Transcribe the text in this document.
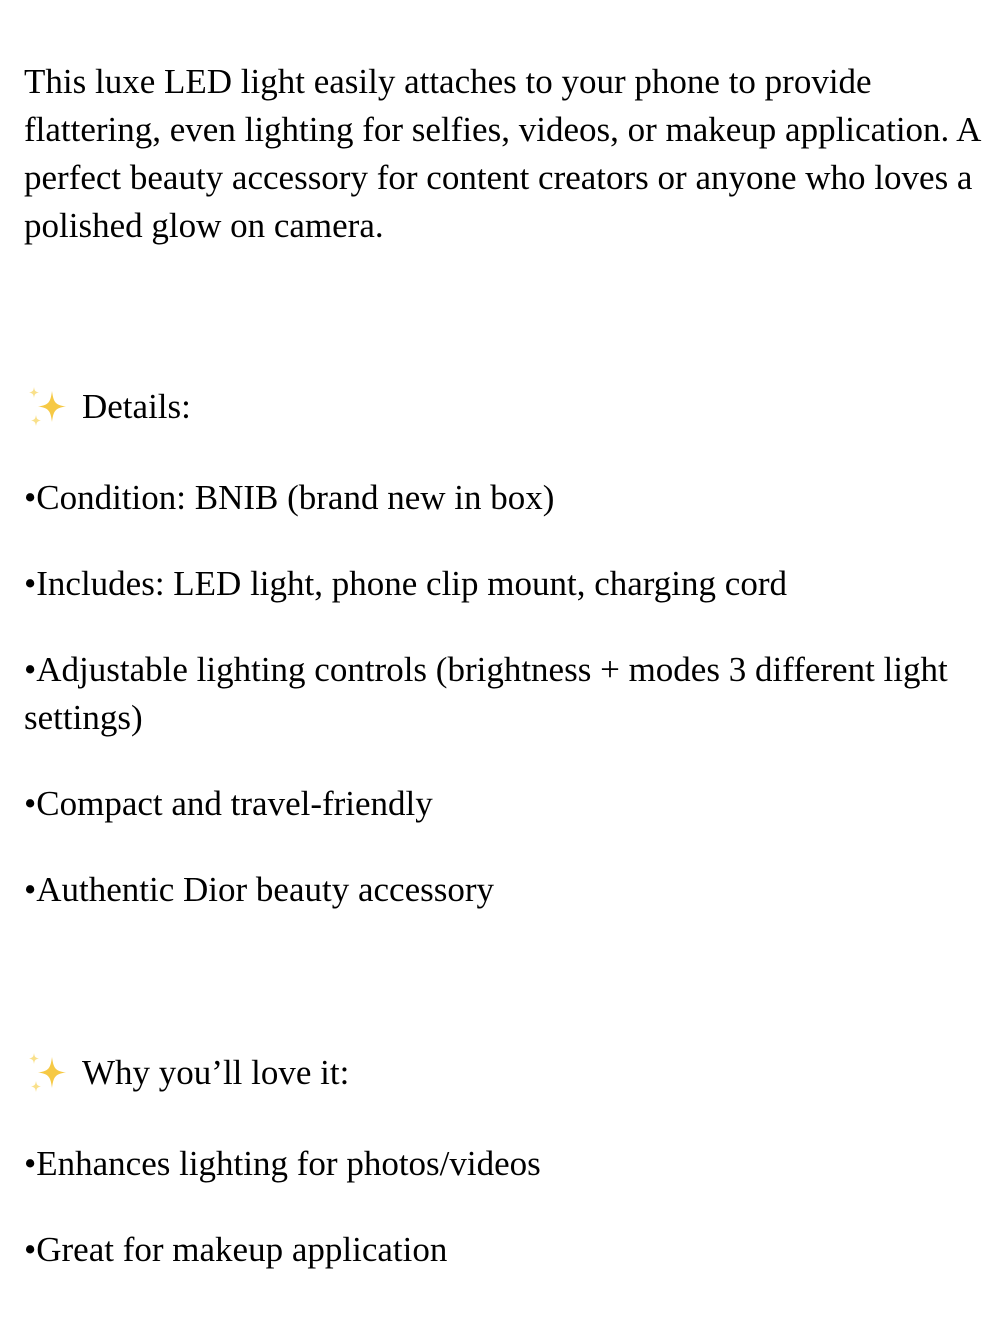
This luxe LED light easily attaches to your phone to provide flattering, even lighting for selfies, videos, or makeup application. A perfect beauty accessory for content creators or anyone who loves a polished glow on camera.

Details:

•Condition: BNIB (brand new in box)

•Includes: LED light, phone clip mount, charging cord

•Adjustable lighting controls (brightness + modes 3 different light settings)

•Compact and travel-friendly

•Authentic Dior beauty accessory

Why you’ll love it:

•Enhances lighting for photos/videos

•Great for makeup application
